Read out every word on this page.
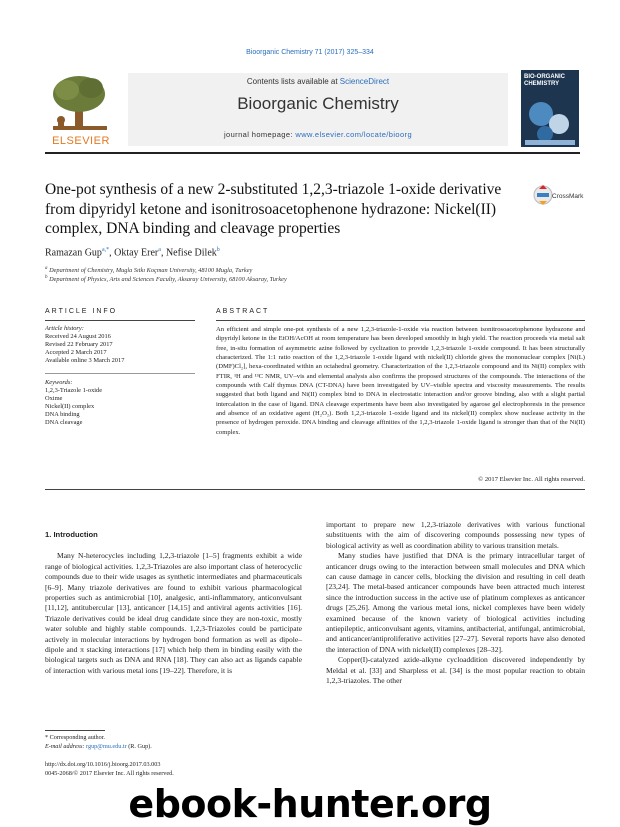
Bioorganic Chemistry 71 (2017) 325–334
ELSEVIER
Contents lists available at ScienceDirect
Bioorganic Chemistry
journal homepage: www.elsevier.com/locate/bioorg
BIO-ORGANIC CHEMISTRY
One-pot synthesis of a new 2-substituted 1,2,3-triazole 1-oxide derivative from dipyridyl ketone and isonitrosoacetophenone hydrazone: Nickel(II) complex, DNA binding and cleavage properties
CrossMark
Ramazan Gup$^{a,*}$, Oktay Erer$^a$, Nefise Dilek$^b$
$^a$ Department of Chemistry, Mugla Sıtkı Koçman University, 48100 Mugla, Turkey
$^b$ Department of Physics, Arts and Sciences Faculty, Aksaray University, 68100 Aksaray, Turkey
ARTICLE INFO	ABSTRACT
Article history:
Received 24 August 2016
Revised 22 February 2017
Accepted 2 March 2017
Available online 3 March 2017
Keywords:
1,2,3-Triazole 1-oxide
Oxime
Nickel(II) complex
DNA binding
DNA cleavage
An efficient and simple one-pot synthesis of a new 1,2,3-triazole-1-oxide via reaction between isonitrosoacetophenone hydrazone and dipyridyl ketone in the EtOH/AcOH at room temperature has been developed smoothly in high yield. The reaction proceeds via metal salt free, in-situ formation of asymmetric azine followed by cyclization to provide 1,2,3-triazole 1-oxide compound. It has been structurally characterized. The 1:1 ratio reaction of the 1,2,3-triazole 1-oxide ligand with nickel(II) chloride gives the mononuclear complex [Ni(L)(DMF)Cl₂], hexa-coordinated within an octahedral geometry. Characterization of the 1,2,3-triazole compound and its Ni(II) complex with FTIR, ¹H and ¹³C NMR, UV–vis and elemental analysis also confirms the proposed structures of the compounds. The interactions of the compounds with Calf thymus DNA (CT-DNA) have been investigated by UV–visible spectra and viscosity measurements. The results suggested that both ligand and Ni(II) complex bind to DNA in electrostatic interaction and/or groove binding, also with a slight partial intercalation in the case of ligand. DNA cleavage experiments have been also investigated by agarose gel electrophoresis in the presence and absence of an oxidative agent (H₂O₂). Both 1,2,3-triazole 1-oxide ligand and its nickel(II) complex show nuclease activity in the presence of hydrogen peroxide. DNA binding and cleavage affinities of the 1,2,3-triazole 1-oxide ligand is stronger than that of the Ni(II) complex.
© 2017 Elsevier Inc. All rights reserved.
1. Introduction

Many N-heterocycles including 1,2,3-triazole [1–5] fragments exhibit a wide range of biological activities. 1,2,3-Triazoles are also important class of heterocyclic compounds due to their wide usages as synthetic intermediates and pharmaceuticals [6–9]. Many triazole derivatives are found to exhibit various pharmacological properties such as antimicrobial [10], analgesic, anti-inflammatory, anticonvulsant [11,12], antitubercular [13], anticancer [14,15] and antiviral agents activities [16]. Triazole derivatives could be ideal drug candidate since they are non-toxic, mostly water soluble and highly stable compounds. 1,2,3-Triazoles could be participate actively in molecular interactions by hydrogen bond formation as well as dipole–dipole and π stacking interactions [17] which help them in binding easily with the biological targets such as DNA and RNA [18]. They can also act as ligands capable of interaction with various metal ions [19–22]. Therefore, it is

important to prepare new 1,2,3-triazole derivatives with various functional substituents with the aim of discovering compounds possessing new types of biological activity as well as coordination ability to various transition metals.

Many studies have justified that DNA is the primary intracellular target of anticancer drugs owing to the interaction between small molecules and DNA which can cause damage in cancer cells, blocking the division and resulting in cell death [23,24]. The metal-based anticancer compounds have been attracted much interest since the introduction success in the active use of platinum complexes as anticancer drugs [25,26]. Among the various metal ions, nickel complexes have been widely examined because of the known variety of biological activities including antiepileptic, anticonvulsant agents, vitamins, antibacterial, antifungal, antimicrobial, and anticancer/antiproliferative activities [27–27]. Several reports have also denoted the interaction of DNA with nickel(II) complexes [28–32].

Copper(I)-catalyzed azide-alkyne cycloaddition discovered independently by Meldal et al. [33] and Sharpless et al. [34] is the most popular reaction to obtain 1,2,3-triazoles. The other

* Corresponding author.
E-mail address: rgup@mu.edu.tr (R. Gup).
http://dx.doi.org/10.1016/j.bioorg.2017.03.003
0045-2068/© 2017 Elsevier Inc. All rights reserved.
ebook-hunter.org
